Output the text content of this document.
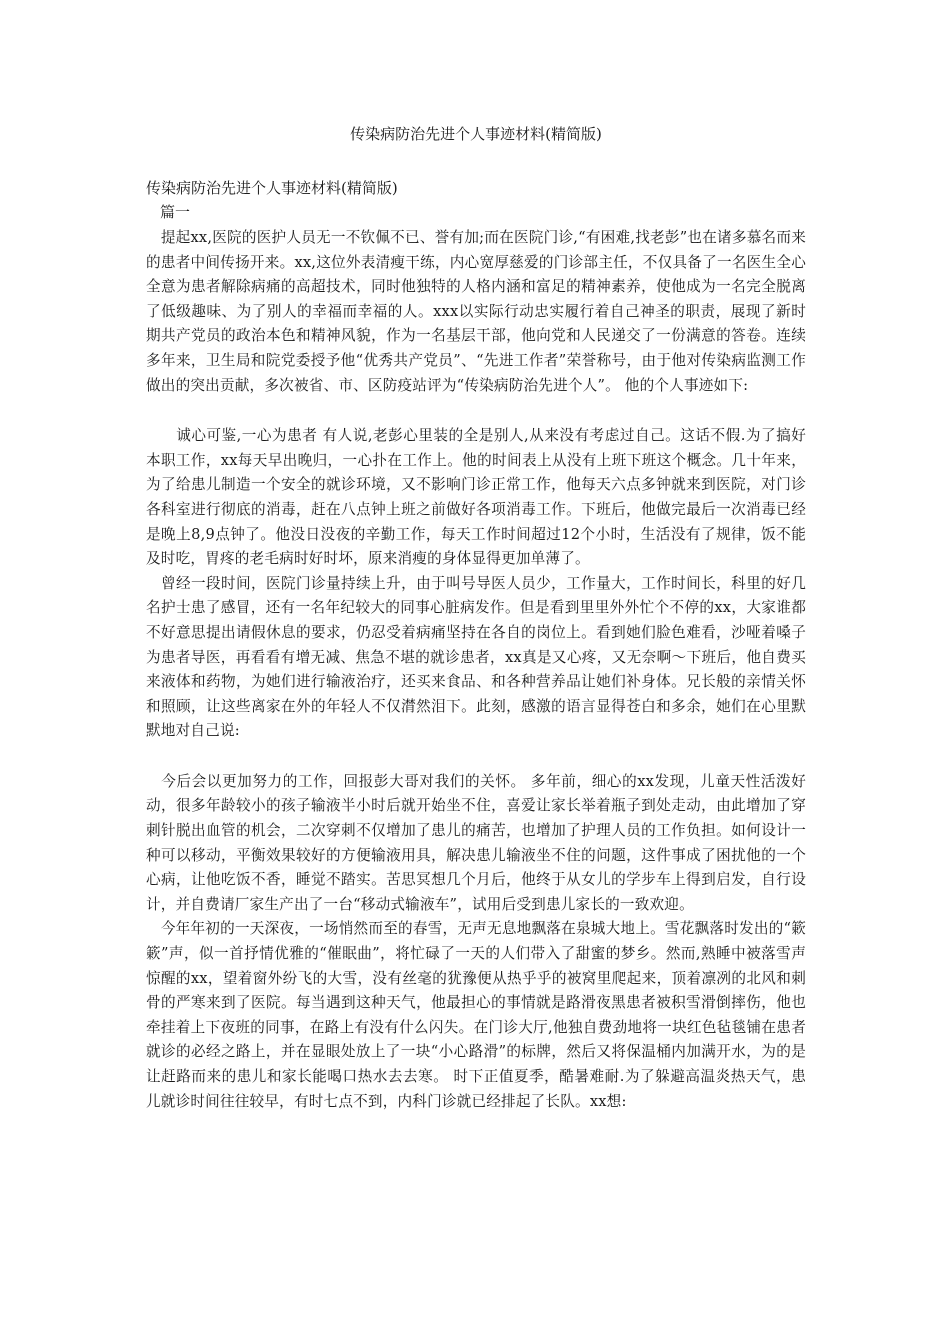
传染病防治先进个人事迹材料(精简版)
传染病防治先进个人事迹材料(精简版)
篇一

　提起xx,医院的医护人员无一不钦佩不已、誉有加;而在医院门诊,“有困难,找老彭”也在诸多慕名而来的患者中间传扬开来。xx,这位外表清瘦干练，内心宽厚慈爱的门诊部主任，不仅具备了一名医生全心全意为患者解除病痛的高超技术，同时他独特的人格内涵和富足的精神素养，使他成为一名完全脱离了低级趣味、为了别人的幸福而幸福的人。xxx以实际行动忠实履行着自己神圣的职责，展现了新时期共产党员的政治本色和精神风貌，作为一名基层干部，他向党和人民递交了一份满意的答卷。连续多年来，卫生局和院党委授予他“优秀共产党员”、“先进工作者”荣誉称号，由于他对传染病监测工作做出的突出贡献，多次被省、市、区防疫站评为“传染病防治先进个人”。 他的个人事迹如下:

　　诚心可鉴,一心为患者 有人说,老彭心里装的全是别人,从来没有考虑过自己。这话不假.为了搞好本职工作，xx每天早出晚归，一心扑在工作上。他的时间表上从没有上班下班这个概念。几十年来，为了给患儿制造一个安全的就诊环境，又不影响门诊正常工作，他每天六点多钟就来到医院，对门诊各科室进行彻底的消毒，赶在八点钟上班之前做好各项消毒工作。下班后，他做完最后一次消毒已经是晚上8,9点钟了。他没日没夜的辛勤工作，每天工作时间超过12个小时，生活没有了规律，饭不能及时吃，胃疼的老毛病时好时坏，原来消瘦的身体显得更加单薄了。

　曾经一段时间，医院门诊量持续上升，由于叫号导医人员少，工作量大，工作时间长，科里的好几名护士患了感冒，还有一名年纪较大的同事心脏病发作。但是看到里里外外忙个不停的xx，大家谁都不好意思提出请假休息的要求，仍忍受着病痛坚持在各自的岗位上。看到她们脸色难看，沙哑着嗓子为患者导医，再看看有增无减、焦急不堪的就诊患者，xx真是又心疼，又无奈啊～下班后，他自费买来液体和药物，为她们进行输液治疗，还买来食品、和各种营养品让她们补身体。兄长般的亲情关怀和照顾，让这些离家在外的年轻人不仅潸然泪下。此刻，感激的语言显得苍白和多余，她们在心里默默地对自己说:

　今后会以更加努力的工作，回报彭大哥对我们的关怀。 多年前，细心的xx发现，儿童天性活泼好动，很多年龄较小的孩子输液半小时后就开始坐不住，喜爱让家长举着瓶子到处走动，由此增加了穿刺针脱出血管的机会，二次穿刺不仅增加了患儿的痛苦，也增加了护理人员的工作负担。如何设计一种可以移动，平衡效果较好的方便输液用具，解决患儿输液坐不住的问题，这件事成了困扰他的一个心病，让他吃饭不香，睡觉不踏实。苦思冥想几个月后，他终于从女儿的学步车上得到启发，自行设计，并自费请厂家生产出了一台“移动式输液车”，试用后受到患儿家长的一致欢迎。

　今年年初的一天深夜，一场悄然而至的春雪，无声无息地飘落在泉城大地上。雪花飘落时发出的“簌簌”声，似一首抒情优雅的“催眠曲”，将忙碌了一天的人们带入了甜蜜的梦乡。然而,熟睡中被落雪声惊醒的xx，望着窗外纷飞的大雪，没有丝毫的犹豫便从热乎乎的被窝里爬起来，顶着凛冽的北风和刺骨的严寒来到了医院。每当遇到这种天气，他最担心的事情就是路滑夜黑患者被积雪滑倒摔伤，他也牵挂着上下夜班的同事，在路上有没有什么闪失。在门诊大厅,他独自费劲地将一块红色毡毯铺在患者就诊的必经之路上，并在显眼处放上了一块“小心路滑”的标牌，然后又将保温桶内加满开水，为的是让赶路而来的患儿和家长能喝口热水去去寒。 时下正值夏季，酷暑难耐.为了躲避高温炎热天气，患儿就诊时间往往较早，有时七点不到，内科门诊就已经排起了长队。xx想:
